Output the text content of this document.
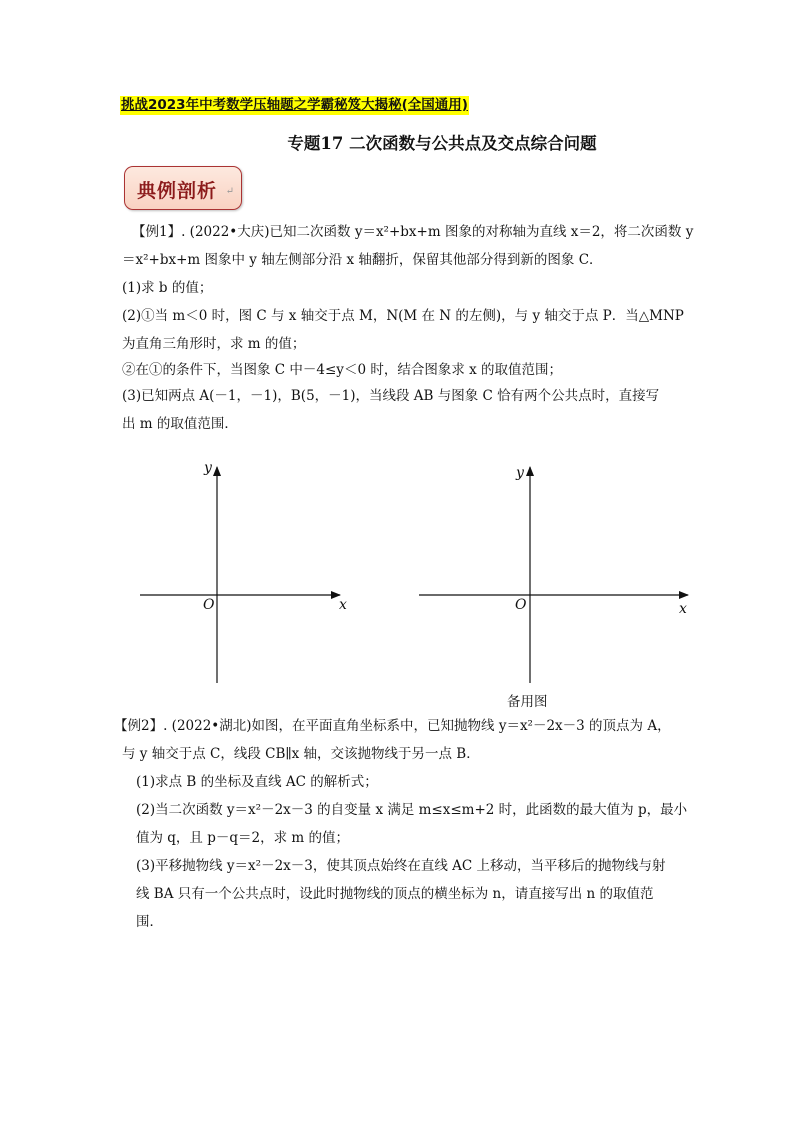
挑战2023年中考数学压轴题之学霸秘笈大揭秘(全国通用)
专题17 二次函数与公共点及交点综合问题
典例剖析 ↵
【例1】. (2022•大庆)已知二次函数 y＝x²+bx+m 图象的对称轴为直线 x＝2，将二次函数 y
＝x²+bx+m 图象中 y 轴左侧部分沿 x 轴翻折，保留其他部分得到新的图象 C．
(1)求 b 的值；
(2)①当 m＜0 时，图 C 与 x 轴交于点 M，N(M 在 N 的左侧)，与 y 轴交于点 P．当△MNP
为直角三角形时，求 m 的值；
②在①的条件下，当图象 C 中－4≤y＜0 时，结合图象求 x 的取值范围；
(3)已知两点 A(－1，－1)，B(5，－1)，当线段 AB 与图象 C 恰有两个公共点时，直接写
出 m 的取值范围．
y
x
O
y
x
O
备用图
【例2】. (2022•湖北)如图，在平面直角坐标系中，已知抛物线 y＝x²－2x－3 的顶点为 A，
与 y 轴交于点 C，线段 CB∥x 轴，交该抛物线于另一点 B．
(1)求点 B 的坐标及直线 AC 的解析式；
(2)当二次函数 y＝x²－2x－3 的自变量 x 满足 m≤x≤m+2 时，此函数的最大值为 p，最小
值为 q，且 p－q＝2，求 m 的值；
(3)平移抛物线 y＝x²－2x－3，使其顶点始终在直线 AC 上移动，当平移后的抛物线与射
线 BA 只有一个公共点时，设此时抛物线的顶点的横坐标为 n，请直接写出 n 的取值范
围．
